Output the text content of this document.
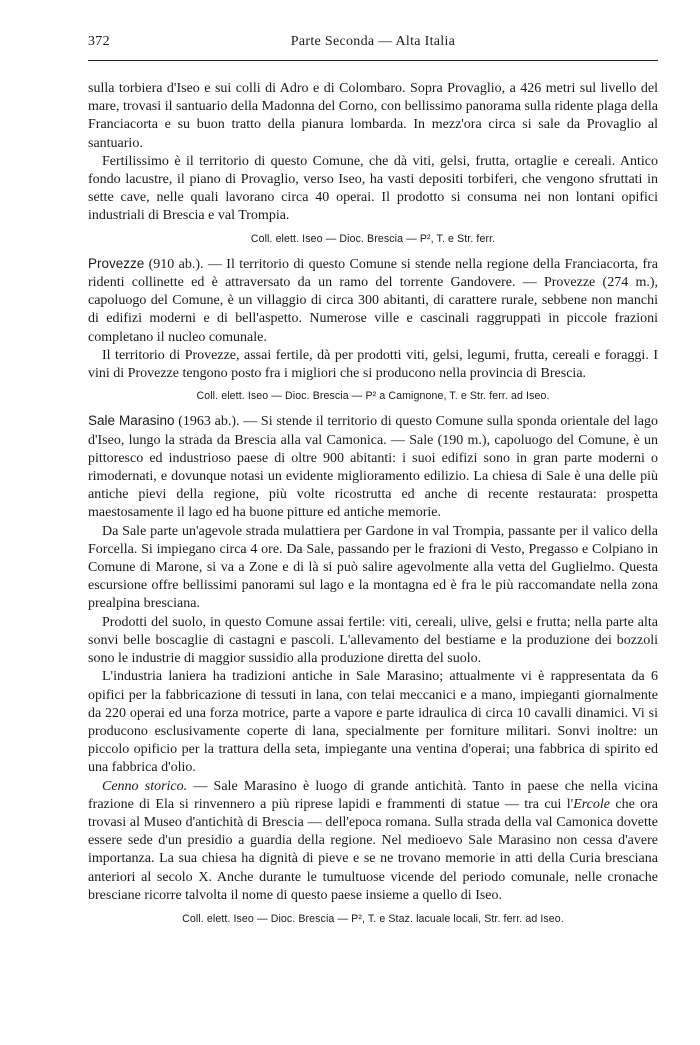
372	Parte Seconda — Alta Italia

sulla torbiera d'Iseo e sui colli di Adro e di Colombaro. Sopra Provaglio, a 426 metri sul livello del mare, trovasi il santuario della Madonna del Corno, con bellissimo panorama sulla ridente plaga della Franciacorta e su buon tratto della pianura lombarda. In mezz'ora circa si sale da Provaglio al santuario.

Fertilissimo è il territorio di questo Comune, che dà viti, gelsi, frutta, ortaglie e cereali. Antico fondo lacustre, il piano di Provaglio, verso Iseo, ha vasti depositi torbiferi, che vengono sfruttati in sette cave, nelle quali lavorano circa 40 operai. Il prodotto si consuma nei non lontani opifici industriali di Brescia e val Trompia.

Coll. elett. Iseo — Dioc. Brescia — P², T. e Str. ferr.

Provezze (910 ab.). — Il territorio di questo Comune si stende nella regione della Franciacorta, fra ridenti collinette ed è attraversato da un ramo del torrente Gandovere. — Provezze (274 m.), capoluogo del Comune, è un villaggio di circa 300 abitanti, di carattere rurale, sebbene non manchi di edifizi moderni e di bell'aspetto. Numerose ville e cascinali raggruppati in piccole frazioni completano il nucleo comunale.

Il territorio di Provezze, assai fertile, dà per prodotti viti, gelsi, legumi, frutta, cereali e foraggi. I vini di Provezze tengono posto fra i migliori che si producono nella provincia di Brescia.

Coll. elett. Iseo — Dioc. Brescia — P² a Camignone, T. e Str. ferr. ad Iseo.

Sale Marasino (1963 ab.). — Si stende il territorio di questo Comune sulla sponda orientale del lago d'Iseo, lungo la strada da Brescia alla val Camonica. — Sale (190 m.), capoluogo del Comune, è un pittoresco ed industrioso paese di oltre 900 abitanti: i suoi edifizi sono in gran parte moderni o rimodernati, e dovunque notasi un evidente miglioramento edilizio. La chiesa di Sale è una delle più antiche pievi della regione, più volte ricostrutta ed anche di recente restaurata: prospetta maestosamente il lago ed ha buone pitture ed antiche memorie.

Da Sale parte un'agevole strada mulattiera per Gardone in val Trompia, passante per il valico della Forcella. Si impiegano circa 4 ore. Da Sale, passando per le frazioni di Vesto, Pregasso e Colpiano in Comune di Marone, si va a Zone e di là si può salire agevolmente alla vetta del Guglielmo. Questa escursione offre bellissimi panorami sul lago e la montagna ed è fra le più raccomandate nella zona prealpina bresciana.

Prodotti del suolo, in questo Comune assai fertile: viti, cereali, ulive, gelsi e frutta; nella parte alta sonvi belle boscaglie di castagni e pascoli. L'allevamento del bestiame e la produzione dei bozzoli sono le industrie di maggior sussidio alla produzione diretta del suolo.

L'industria laniera ha tradizioni antiche in Sale Marasino; attualmente vi è rappresentata da 6 opifici per la fabbricazione di tessuti in lana, con telai meccanici e a mano, impieganti giornalmente da 220 operai ed una forza motrice, parte a vapore e parte idraulica di circa 10 cavalli dinamici. Vi si producono esclusivamente coperte di lana, specialmente per forniture militari. Sonvi inoltre: un piccolo opificio per la trattura della seta, impiegante una ventina d'operai; una fabbrica di spirito ed una fabbrica d'olio.

Cenno storico. — Sale Marasino è luogo di grande antichità. Tanto in paese che nella vicina frazione di Ela si rinvennero a più riprese lapidi e frammenti di statue — tra cui l'Ercole che ora trovasi al Museo d'antichità di Brescia — dell'epoca romana. Sulla strada della val Camonica dovette essere sede d'un presidio a guardia della regione. Nel medioevo Sale Marasino non cessa d'avere importanza. La sua chiesa ha dignità di pieve e se ne trovano memorie in atti della Curia bresciana anteriori al secolo X. Anche durante le tumultuose vicende del periodo comunale, nelle cronache bresciane ricorre talvolta il nome di questo paese insieme a quello di Iseo.

Coll. elett. Iseo — Dioc. Brescia — P², T. e Staz. lacuale locali, Str. ferr. ad Iseo.
